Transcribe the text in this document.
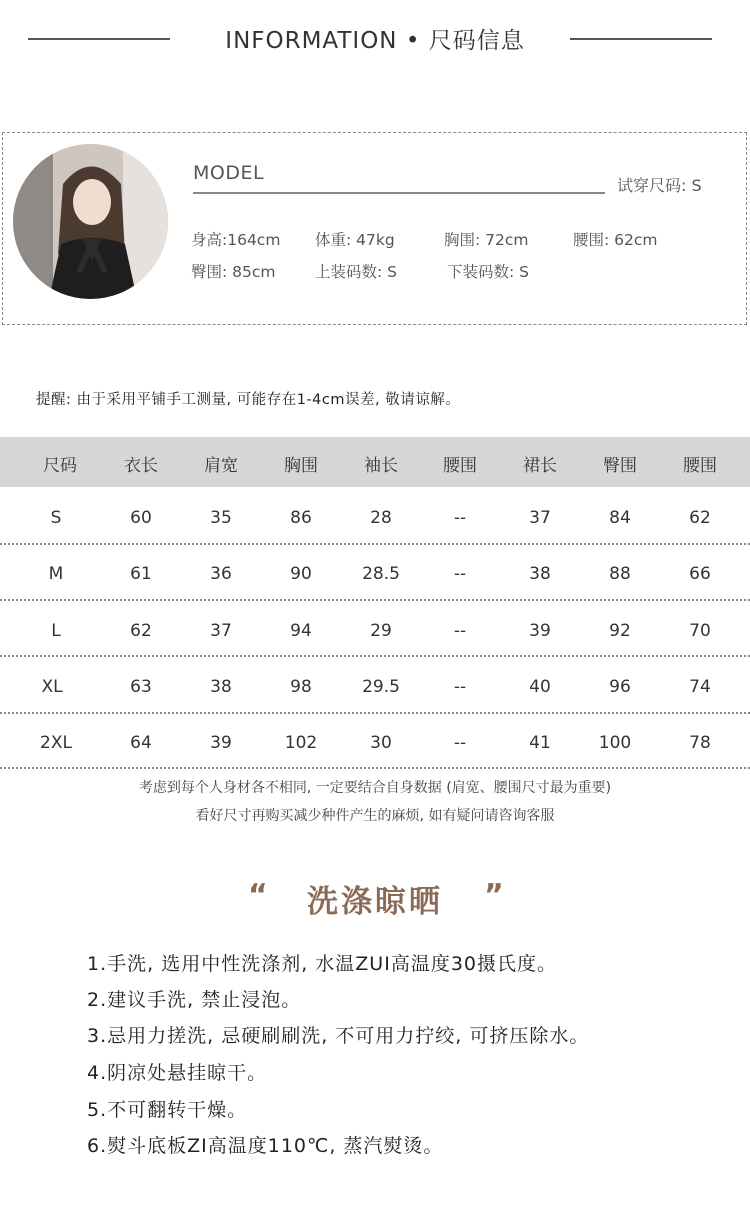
INFORMATION • 尺码信息
MODEL
试穿尺码: S
身高:164cm 体重: 47kg	胸围: 72cm	腰围: 62cm
臀围: 85cm	上装码数: S	下装码数: S
提醒: 由于采用平铺手工测量, 可能存在1-4cm误差, 敬请谅解。
尺码	衣长	肩宽	胸围	袖长	腰围	裙长	臀围	腰围
S	60	35	86	28	--	37	84	62
M	61	36	90	28.5	--	38	88	66
L	62	37	94	29	--	39	92	70
XL	63	38	98	29.5	--	40	96	74
2XL	64	39	102	30	--	41	100	78
考虑到每个人身材各不相同, 一定要结合自身数据 (肩宽、腰围尺寸最为重要)
看好尺寸再购买减少种件产生的麻烦, 如有疑问请咨询客服
“	洗涤晾晒	”
1.手洗, 选用中性洗涤剂, 水温ZUI高温度30摄氏度。
2.建议手洗, 禁止浸泡。
3.忌用力搓洗, 忌硬刷刷洗, 不可用力拧绞, 可挤压除水。
4.阴凉处悬挂晾干。
5.不可翻转干燥。
6.熨斗底板ZI高温度110℃, 蒸汽熨烫。
